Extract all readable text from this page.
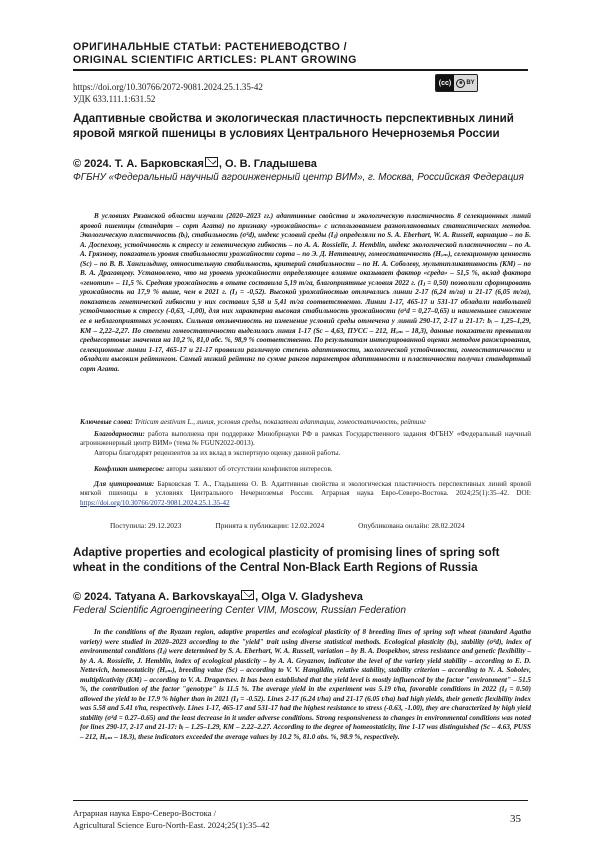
ОРИГИНАЛЬНЫЕ СТАТЬИ: РАСТЕНИЕВОДСТВО /
ORIGINAL SCIENTIFIC ARTICLES: PLANT GROWING
https://doi.org/10.30766/2072-9081.2024.25.1.35-42
УДК 633.111.1:631.52
(cc)	☻ BY
Адаптивные свойства и экологическая пластичность перспективных линий яровой мягкой пшеницы в условиях Центрального Нечерноземья России
© 2024. Т. А. Барковская , О. В. Гладышева
ФГБНУ «Федеральный научный агроинженерный центр ВИМ», г. Москва, Российская Федерация

В условиях Рязанской области изучали (2020–2023 гг.) адаптивные свойства и экологическую пластичность 8 селекционных линий яровой пшеницы (стандарт – сорт Агата) по признаку «урожайность» с использованием разнопланованых статистических методов. Экологическую пластичность (bᵢ), стабильность (σ²d), индекс условий среды (Iⱼ) определяли по S. A. Eberhart, W. A. Russell, вариацию – по Б. А. Доспехову, устойчивость к стрессу и генетическую гибкость – по A. A. Rossielle, J. Hemblin, индекс экологической пластичности – по А. А. Грязнову, показатель уровня стабильности урожайности сорта – по Э. Д. Неттевичу, гомеостатичность (Hₒₘ), селекционную ценность (Sc) – по В. В. Хангильдину, относительную стабильность, критерий стабильности – по Н. А. Соболеву, мультипликативность (КМ) – по В. А. Драгавцеву. Установлено, что на уровень урожайности определяющее влияние оказывает фактор «среда» – 51,5 %, вклад фактора «генотип» – 11,5 %. Средняя урожайность в опыте составила 5,19 т/га, благоприятные условия 2022 г. (Iⱼ = 0,50) позволили сформировать урожайность на 17,9 % выше, чем в 2021 г. (Iⱼ = -0,52). Высокой урожайностью отличались линии 2-17 (6,24 т/га) и 21-17 (6,05 т/га), показатель генетической гибкости у них составил 5,58 и 5,41 т/га соответственно. Линии 1-17, 465-17 и 531-17 обладали наибольшей устойчивостью к стрессу (-0,63, -1,00), для них характерна высокая стабильность урожайности (σ²d = 0,27–0,65) и наименьшее снижение ее в неблагоприятных условиях. Сильная отзывчивость на изменение условий среды отмечена у линий 290-17, 2-17 и 21-17: bᵢ – 1,25–1,29, КМ – 2,22–2,27. По степени гомеостатичности выделилась линия 1-17 (Sc – 4,63, ПУСС – 212, Hₒₘ – 18,3), данные показатели превышали среднесортовые значения на 10,2 %, 81,0 абс. %, 98,9 % соответственно. По результатам интегрированной оценки методом ранжирования, селекционные линии 1-17, 465-17 и 21-17 проявили различную степень адаптивности, экологической устойчивости, гомеостатичности и обладали высоким рейтингом. Самый низкий рейтинг по сумме рангов параметров адаптивности и пластичности получил стандартный сорт Агата.

Ключевые слова: Triticum aestivum L., линия, условия среды, показатели адаптации, гомеостатичность, рейтинг
Благодарности: работа выполнена при поддержке Минобрнауки РФ в рамках Государственного задания ФГБНУ «Федеральный научный агроинженерный центр ВИМ» (тема № FGUN2022-0013).
Авторы благодарят рецензентов за их вклад в экспертную оценку данной работы.
Конфликт интересов: авторы заявляют об отсутствии конфликтов интересов.
Для цитирования: Барковская Т. А., Гладышева О. В. Адаптивные свойства и экологическая пластичность перспективных линий яровой мягкой пшеницы в условиях Центрального Нечерноземья России. Аграрная наука Евро-Северо-Востока. 2024;25(1):35–42. DOI: https://doi.org/10.30766/2072-9081.2024.25.1.35-42
Поступила: 29.12.2023	Принята к публикации: 12.02.2024	Опубликована онлайн: 28.02.2024
Adaptive properties and ecological plasticity of promising lines of spring soft wheat in the conditions of the Central Non-Black Earth Regions of Russia
© 2024. Tatyana A. Barkovskaya , Olga V. Gladysheva
Federal Scientific Agroengineering Center VIM, Moscow, Russian Federation

In the conditions of the Ryazan region, adaptive properties and ecological plasticity of 8 breeding lines of spring soft wheat (standard Agatha variety) were studied in 2020–2023 according to the "yield" trait using diverse statistical methods. Ecological plasticity (bᵢ), stability (σ²d), index of environmental conditions (Iⱼ) were determined by S. A. Eberhart, W. A. Russell, variation – by B. A. Dospekhov, stress resistance and genetic flexibility – by A. A. Rossielle, J. Hemblin, index of ecological plasticity – by A. A. Gryaznov, indicator the level of the variety yield stability – according to E. D. Nettevich, homeostaticity (Hₒₘ), breeding value (Sc) – according to V. V. Hangildin, relative stability, stability criterion – according to N. A. Sobolev, multiplicativity (KM) – according to V. A. Dragavtsev. It has been established that the yield level is mostly influenced by the factor "environment" – 51.5 %, the contribution of the factor "genotype" is 11.5 %. The average yield in the experiment was 5.19 t/ha, favorable conditions in 2022 (Iⱼ = 0.50) allowed the yield to be 17.9 % higher than in 2021 (Iⱼ = -0.52). Lines 2-17 (6.24 t/ha) and 21-17 (6.05 t/ha) had high yields, their genetic flexibility index was 5.58 and 5.41 t/ha, respectively. Lines 1-17, 465-17 and 531-17 had the highest resistance to stress (-0.63, -1.00), they are characterized by high yield stability (σ²d = 0.27–0.65) and the least decrease in it under adverse conditions. Strong responsiveness to changes in environmental conditions was noted for lines 290-17, 2-17 and 21-17: bᵢ – 1.25–1.29, KM – 2.22–2.27. According to the degree of homeostaticity, line 1-17 was distinguished (Sc – 4.63, PUSS – 212, Hₒₘ – 18.3), these indicators exceeded the average values by 10.2 %, 81.0 abs. %, 98.9 %, respectively.

Аграрная наука Евро-Северо-Востока /
Agricultural Science Euro-North-East. 2024;25(1):35–42	35
